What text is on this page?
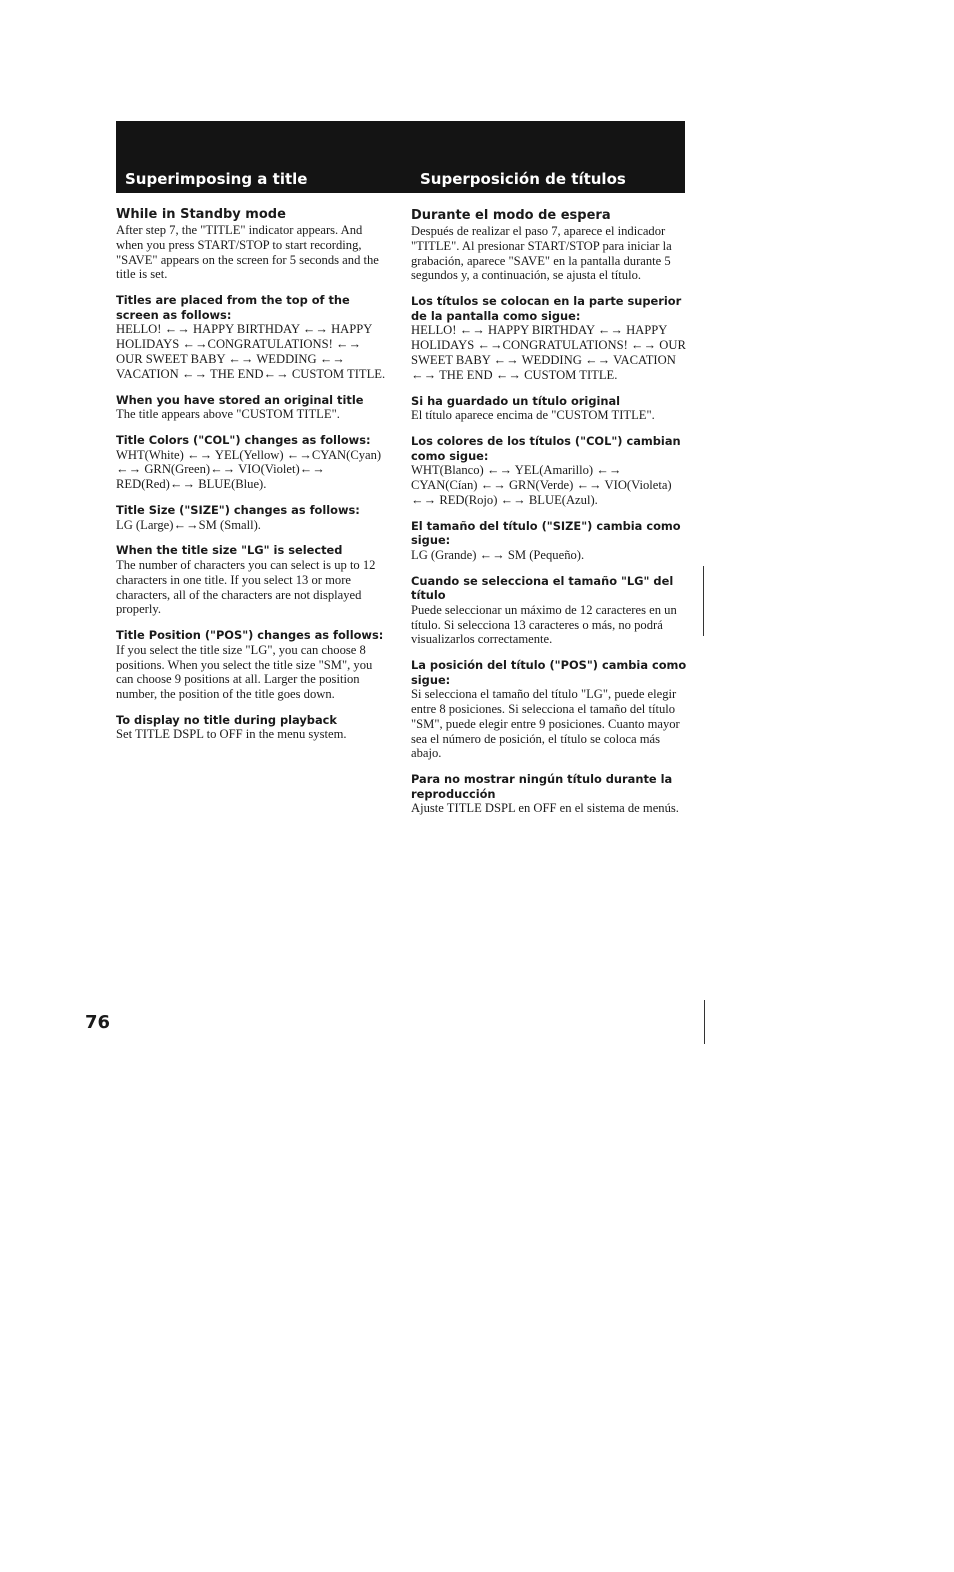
Superimposing a title	Superposición de títulos

While in Standby mode

After step 7, the "TITLE" indicator appears. And when you press START/STOP to start recording, "SAVE" appears on the screen for 5 seconds and the title is set.

Titles are placed from the top of the screen as follows:

HELLO! ←→ HAPPY BIRTHDAY ←→ HAPPY HOLIDAYS ←→CONGRATULATIONS! ←→ OUR SWEET BABY ←→ WEDDING ←→ VACATION ←→ THE END←→ CUSTOM TITLE.

When you have stored an original title

The title appears above "CUSTOM TITLE".

Title Colors ("COL") changes as follows:

WHT(White) ←→ YEL(Yellow) ←→CYAN(Cyan) ←→ GRN(Green)←→ VIO(Violet)←→ RED(Red)←→ BLUE(Blue).

Title Size ("SIZE") changes as follows:

LG (Large)←→SM (Small).

When the title size "LG" is selected

The number of characters you can select is up to 12 characters in one title. If you select 13 or more characters, all of the characters are not displayed properly.

Title Position ("POS") changes as follows:

If you select the title size "LG", you can choose 8 positions. When you select the title size "SM", you can choose 9 positions at all. Larger the position number, the position of the title goes down.

To display no title during playback

Set TITLE DSPL to OFF in the menu system.

Durante el modo de espera

Después de realizar el paso 7, aparece el indicador "TITLE". Al presionar START/STOP para iniciar la grabación, aparece "SAVE" en la pantalla durante 5 segundos y, a continuación, se ajusta el título.

Los títulos se colocan en la parte superior de la pantalla como sigue:

HELLO! ←→ HAPPY BIRTHDAY ←→ HAPPY HOLIDAYS ←→CONGRATULATIONS! ←→ OUR SWEET BABY ←→ WEDDING ←→ VACATION ←→ THE END ←→ CUSTOM TITLE.

Si ha guardado un título original

El título aparece encima de "CUSTOM TITLE".

Los colores de los títulos ("COL") cambian como sigue:

WHT(Blanco) ←→ YEL(Amarillo) ←→ CYAN(Cían) ←→ GRN(Verde) ←→ VIO(Violeta) ←→ RED(Rojo) ←→ BLUE(Azul).

El tamaño del título ("SIZE") cambia como sigue:

LG (Grande) ←→ SM (Pequeño).

Cuando se selecciona el tamaño "LG" del título

Puede seleccionar un máximo de 12 caracteres en un título. Si selecciona 13 caracteres o más, no podrá visualizarlos correctamente.

La posición del título ("POS") cambia como sigue:

Si selecciona el tamaño del título "LG", puede elegir entre 8 posiciones. Si selecciona el tamaño del título "SM", puede elegir entre 9 posiciones. Cuanto mayor sea el número de posición, el título se coloca más abajo.

Para no mostrar ningún título durante la reproducción

Ajuste TITLE DSPL en OFF en el sistema de menús.

76
